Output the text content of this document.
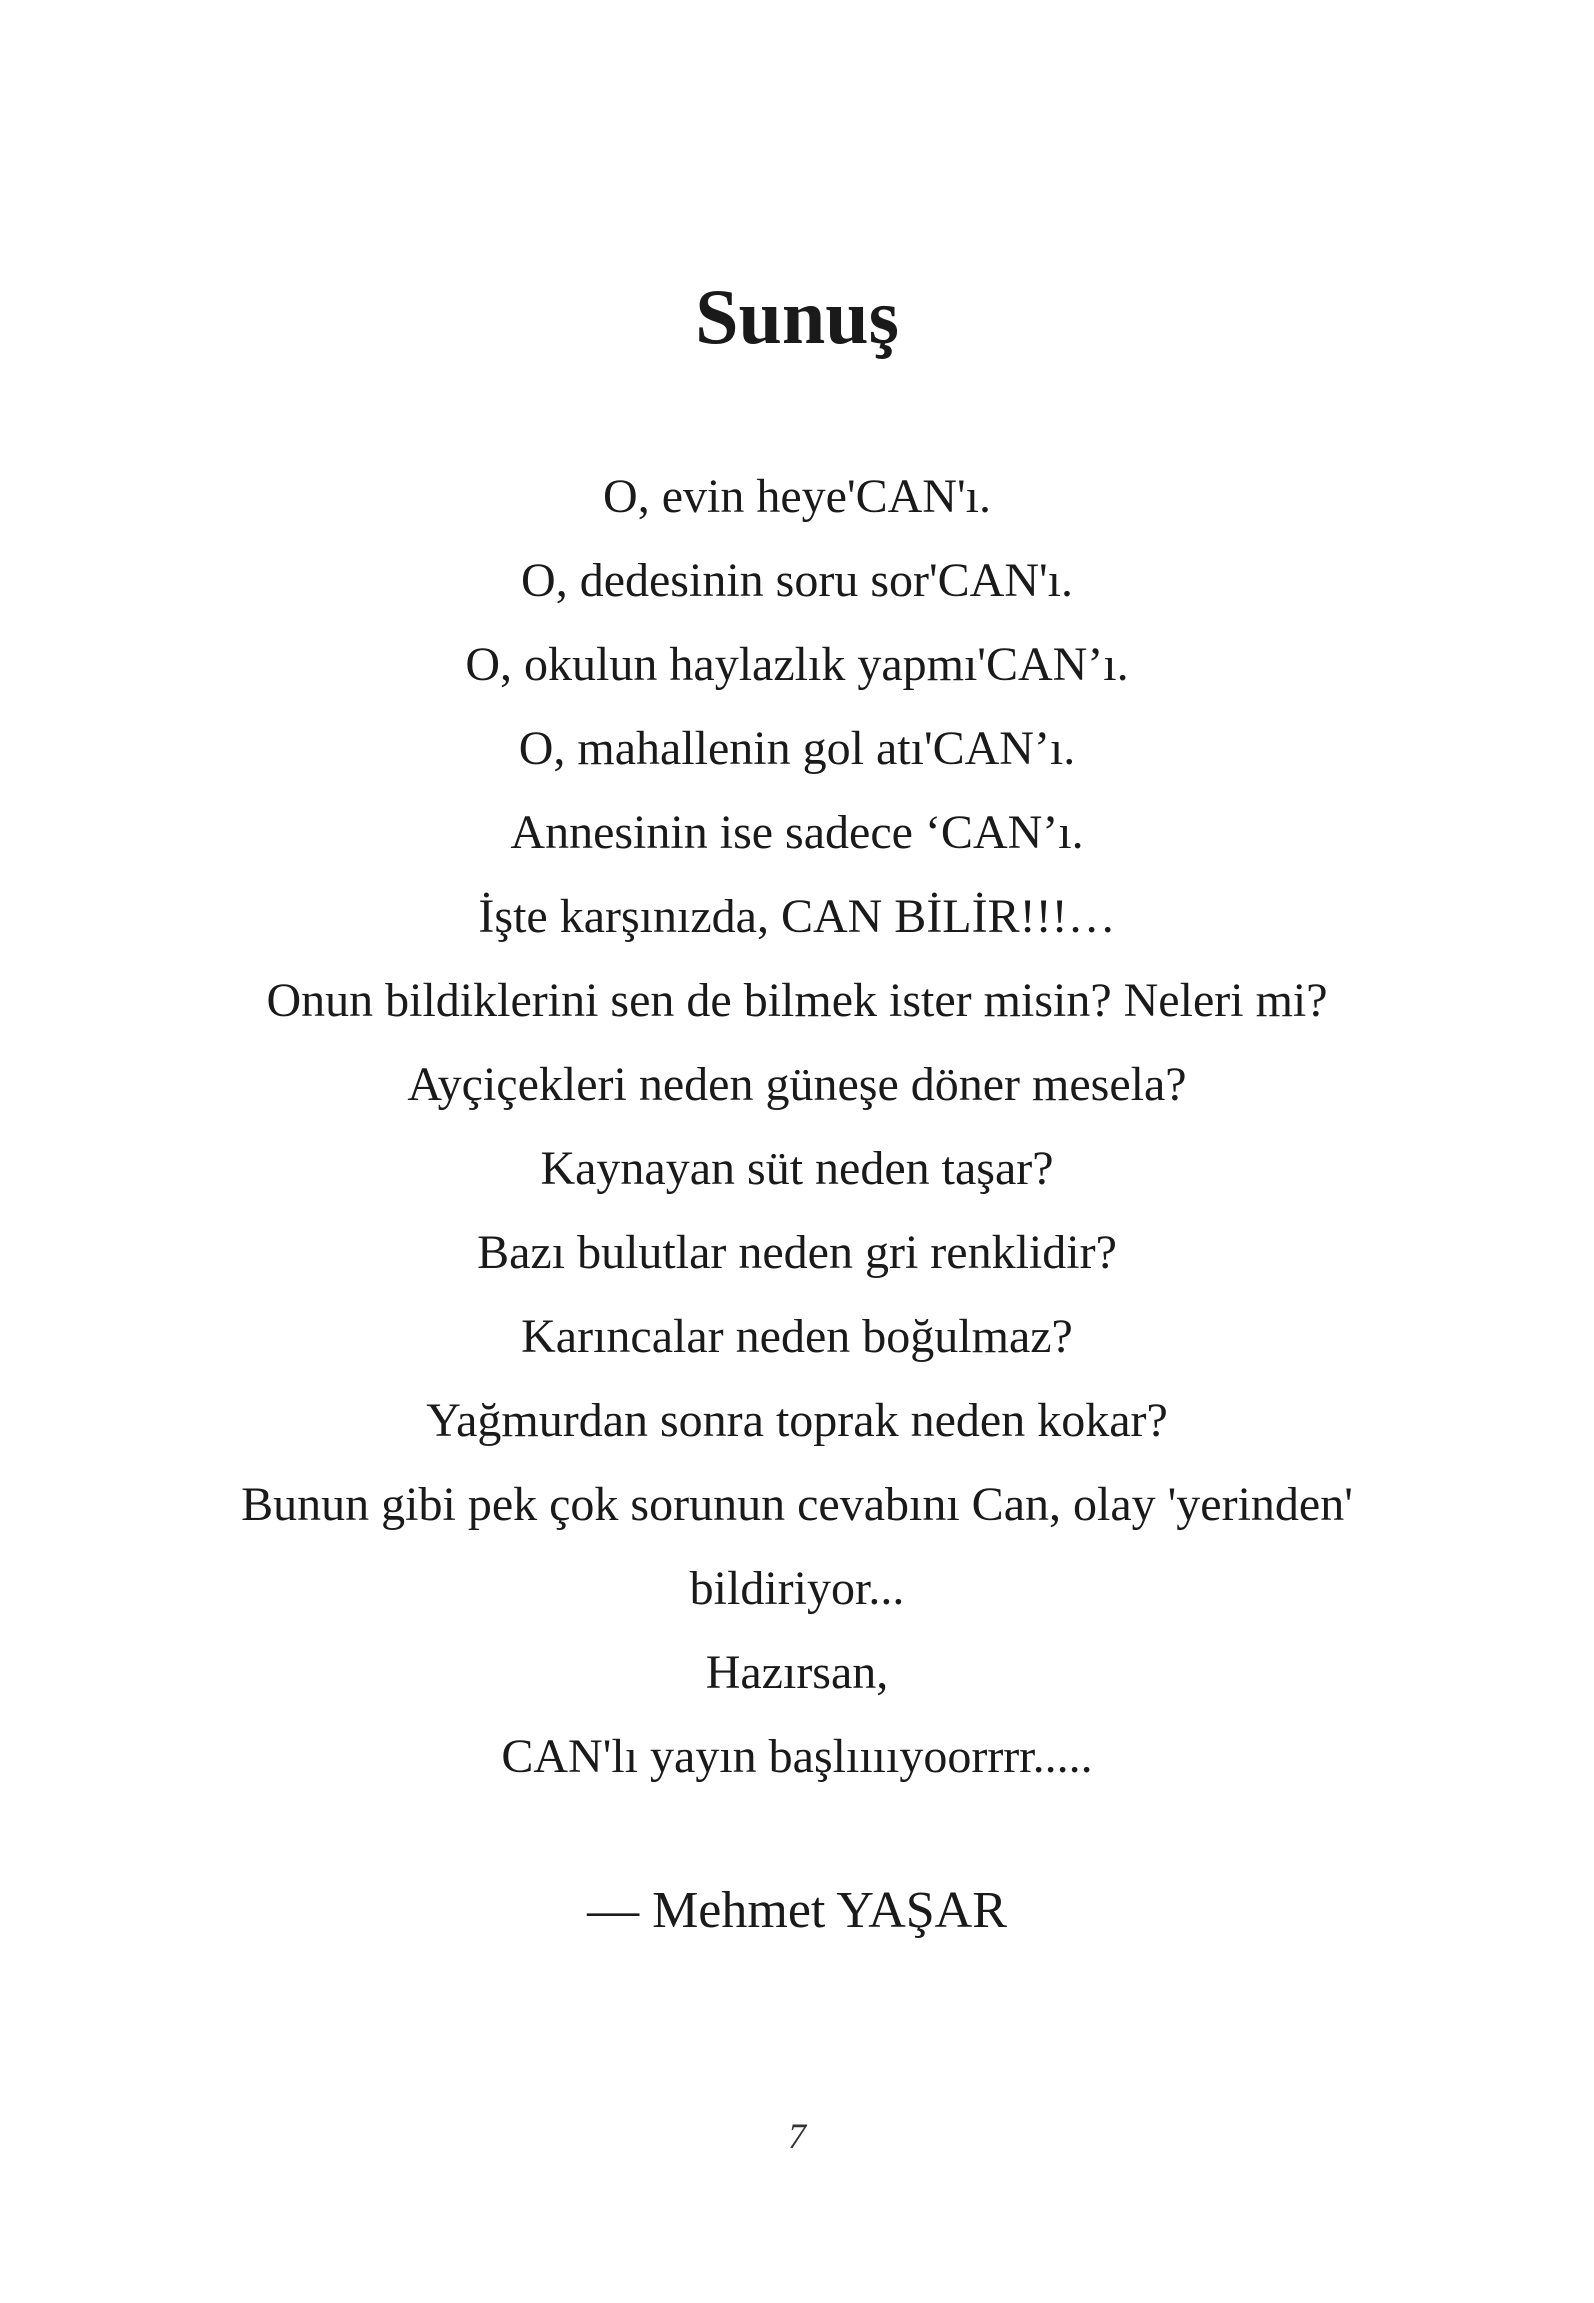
Sunuş
O, evin heye'CAN'ı.
O, dedesinin soru sor'CAN'ı.
O, okulun haylazlık yapmı'CAN’ı.
O, mahallenin gol atı'CAN’ı.
Annesinin ise sadece ‘CAN’ı.
İşte karşınızda, CAN BİLİR!!!…
Onun bildiklerini sen de bilmek ister misin? Neleri mi?
Ayçiçekleri neden güneşe döner mesela?
Kaynayan süt neden taşar?
Bazı bulutlar neden gri renklidir?
Karıncalar neden boğulmaz?
Yağmurdan sonra toprak neden kokar?
Bunun gibi pek çok sorunun cevabını Can, olay 'yerinden'
bildiriyor...
Hazırsan,
CAN'lı yayın başlııııyoorrrr.....
— Mehmet YAŞAR
7
